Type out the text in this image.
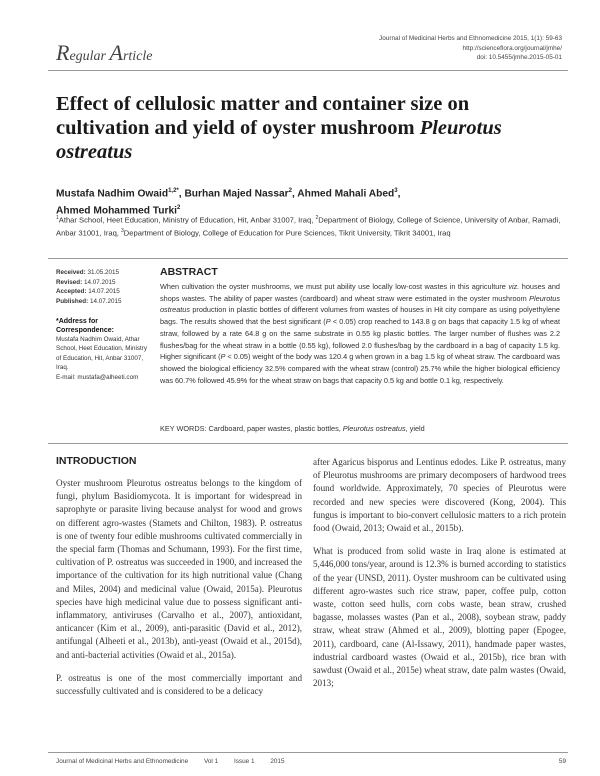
Journal of Medicinal Herbs and Ethnomedicine 2015, 1(1): 59-63
http://scienceflora.org/journal/jmhe/
doi: 10.5455/jmhe.2015-05-01
Regular Article
Effect of cellulosic matter and container size on cultivation and yield of oyster mushroom Pleurotus ostreatus
Mustafa Nadhim Owaid$^{1,2*}$, Burhan Majed Nassar$^2$, Ahmed Mahali Abed$^3$,
Ahmed Mohammed Turki$^2$
$^1$Athar School, Heet Education, Ministry of Education, Hit, Anbar 31007, Iraq, $^2$Department of Biology, College of Science, University of Anbar, Ramadi, Anbar 31001, Iraq, $^3$Department of Biology, College of Education for Pure Sciences, Tikrit University, Tikrit 34001, Iraq
Received: 31.05.2015
Revised: 14.07.2015
Accepted: 14.07.2015
Published: 14.07.2015
*Address for Correspondence:
Mustafa Nadhim Owaid, Athar School, Heet Education, Ministry of Education, Hit, Anbar 31007, Iraq.
E-mail: mustafa@alheeti.com
ABSTRACT
When cultivation the oyster mushrooms, we must put ability use locally low-cost wastes in this agriculture viz. houses and shops wastes. The ability of paper wastes (cardboard) and wheat straw were estimated in the oyster mushroom Pleurotus ostreatus production in plastic bottles of different volumes from wastes of houses in Hit city compare as using polyethylene bags. The results showed that the best significant (P < 0.05) crop reached to 143.8 g on bags that capacity 1.5 kg of wheat straw, followed by a rate 64.8 g on the same substrate in 0.55 kg plastic bottles. The larger number of flushes was 2.2 flushes/bag for the wheat straw in a bottle (0.55 kg), followed 2.0 flushes/bag by the cardboard in a bag of capacity 1.5 kg. Higher significant (P < 0.05) weight of the body was 120.4 g when grown in a bag 1.5 kg of wheat straw. The cardboard was showed the biological efficiency 32.5% compared with the wheat straw (control) 25.7% while the higher biological efficiency was 60.7% followed 45.9% for the wheat straw on bags that capacity 0.5 kg and bottle 0.1 kg, respectively.
KEY WORDS: Cardboard, paper wastes, plastic bottles, Pleurotus ostreatus, yield
INTRODUCTION

Oyster mushroom Pleurotus ostreatus belongs to the kingdom of fungi, phylum Basidiomycota. It is important for widespread in saprophyte or parasite living because analyst for wood and grows on different agro-wastes (Stamets and Chilton, 1983). P. ostreatus is one of twenty four edible mushrooms cultivated commercially in the special farm (Thomas and Schumann, 1993). For the first time, cultivation of P. ostreatus was succeeded in 1900, and increased the importance of the cultivation for its high nutritional value (Chang and Miles, 2004) and medicinal value (Owaid, 2015a). Pleurotus species have high medicinal value due to possess significant anti-inflammatory, antiviruses (Carvalho et al., 2007), antioxidant, anticancer (Kim et al., 2009), anti-parasitic (David et al., 2012), antifungal (Alheeti et al., 2013b), anti-yeast (Owaid et al., 2015d), and anti-bacterial activities (Owaid et al., 2015a).

P. ostreatus is one of the most commercially important and successfully cultivated and is considered to be a delicacy

after Agaricus bisporus and Lentinus edodes. Like P. ostreatus, many of Pleurotus mushrooms are primary decomposers of hardwood trees found worldwide. Approximately, 70 species of Pleurotus were recorded and new species were discovered (Kong, 2004). This fungus is important to bio-convert cellulosic matters to a rich protein food (Owaid, 2013; Owaid et al., 2015b).

What is produced from solid waste in Iraq alone is estimated at 5,446,000 tons/year, around is 12.3% is burned according to statistics of the year (UNSD, 2011). Oyster mushroom can be cultivated using different agro-wastes such rice straw, paper, coffee pulp, cotton waste, cotton seed hulls, corn cobs waste, bean straw, crushed bagasse, molasses wastes (Pan et al., 2008), soybean straw, paddy straw, wheat straw (Ahmed et al., 2009), blotting paper (Epogee, 2011), cardboard, cane (Al-Issawy, 2011), handmade paper wastes, industrial cardboard wastes (Owaid et al., 2015b), rice bran with sawdust (Owaid et al., 2015e) wheat straw, date palm wastes (Owaid, 2013;

Journal of Medicinal Herbs and Ethnomedicine Vol 1 Issue 1 2015	59
